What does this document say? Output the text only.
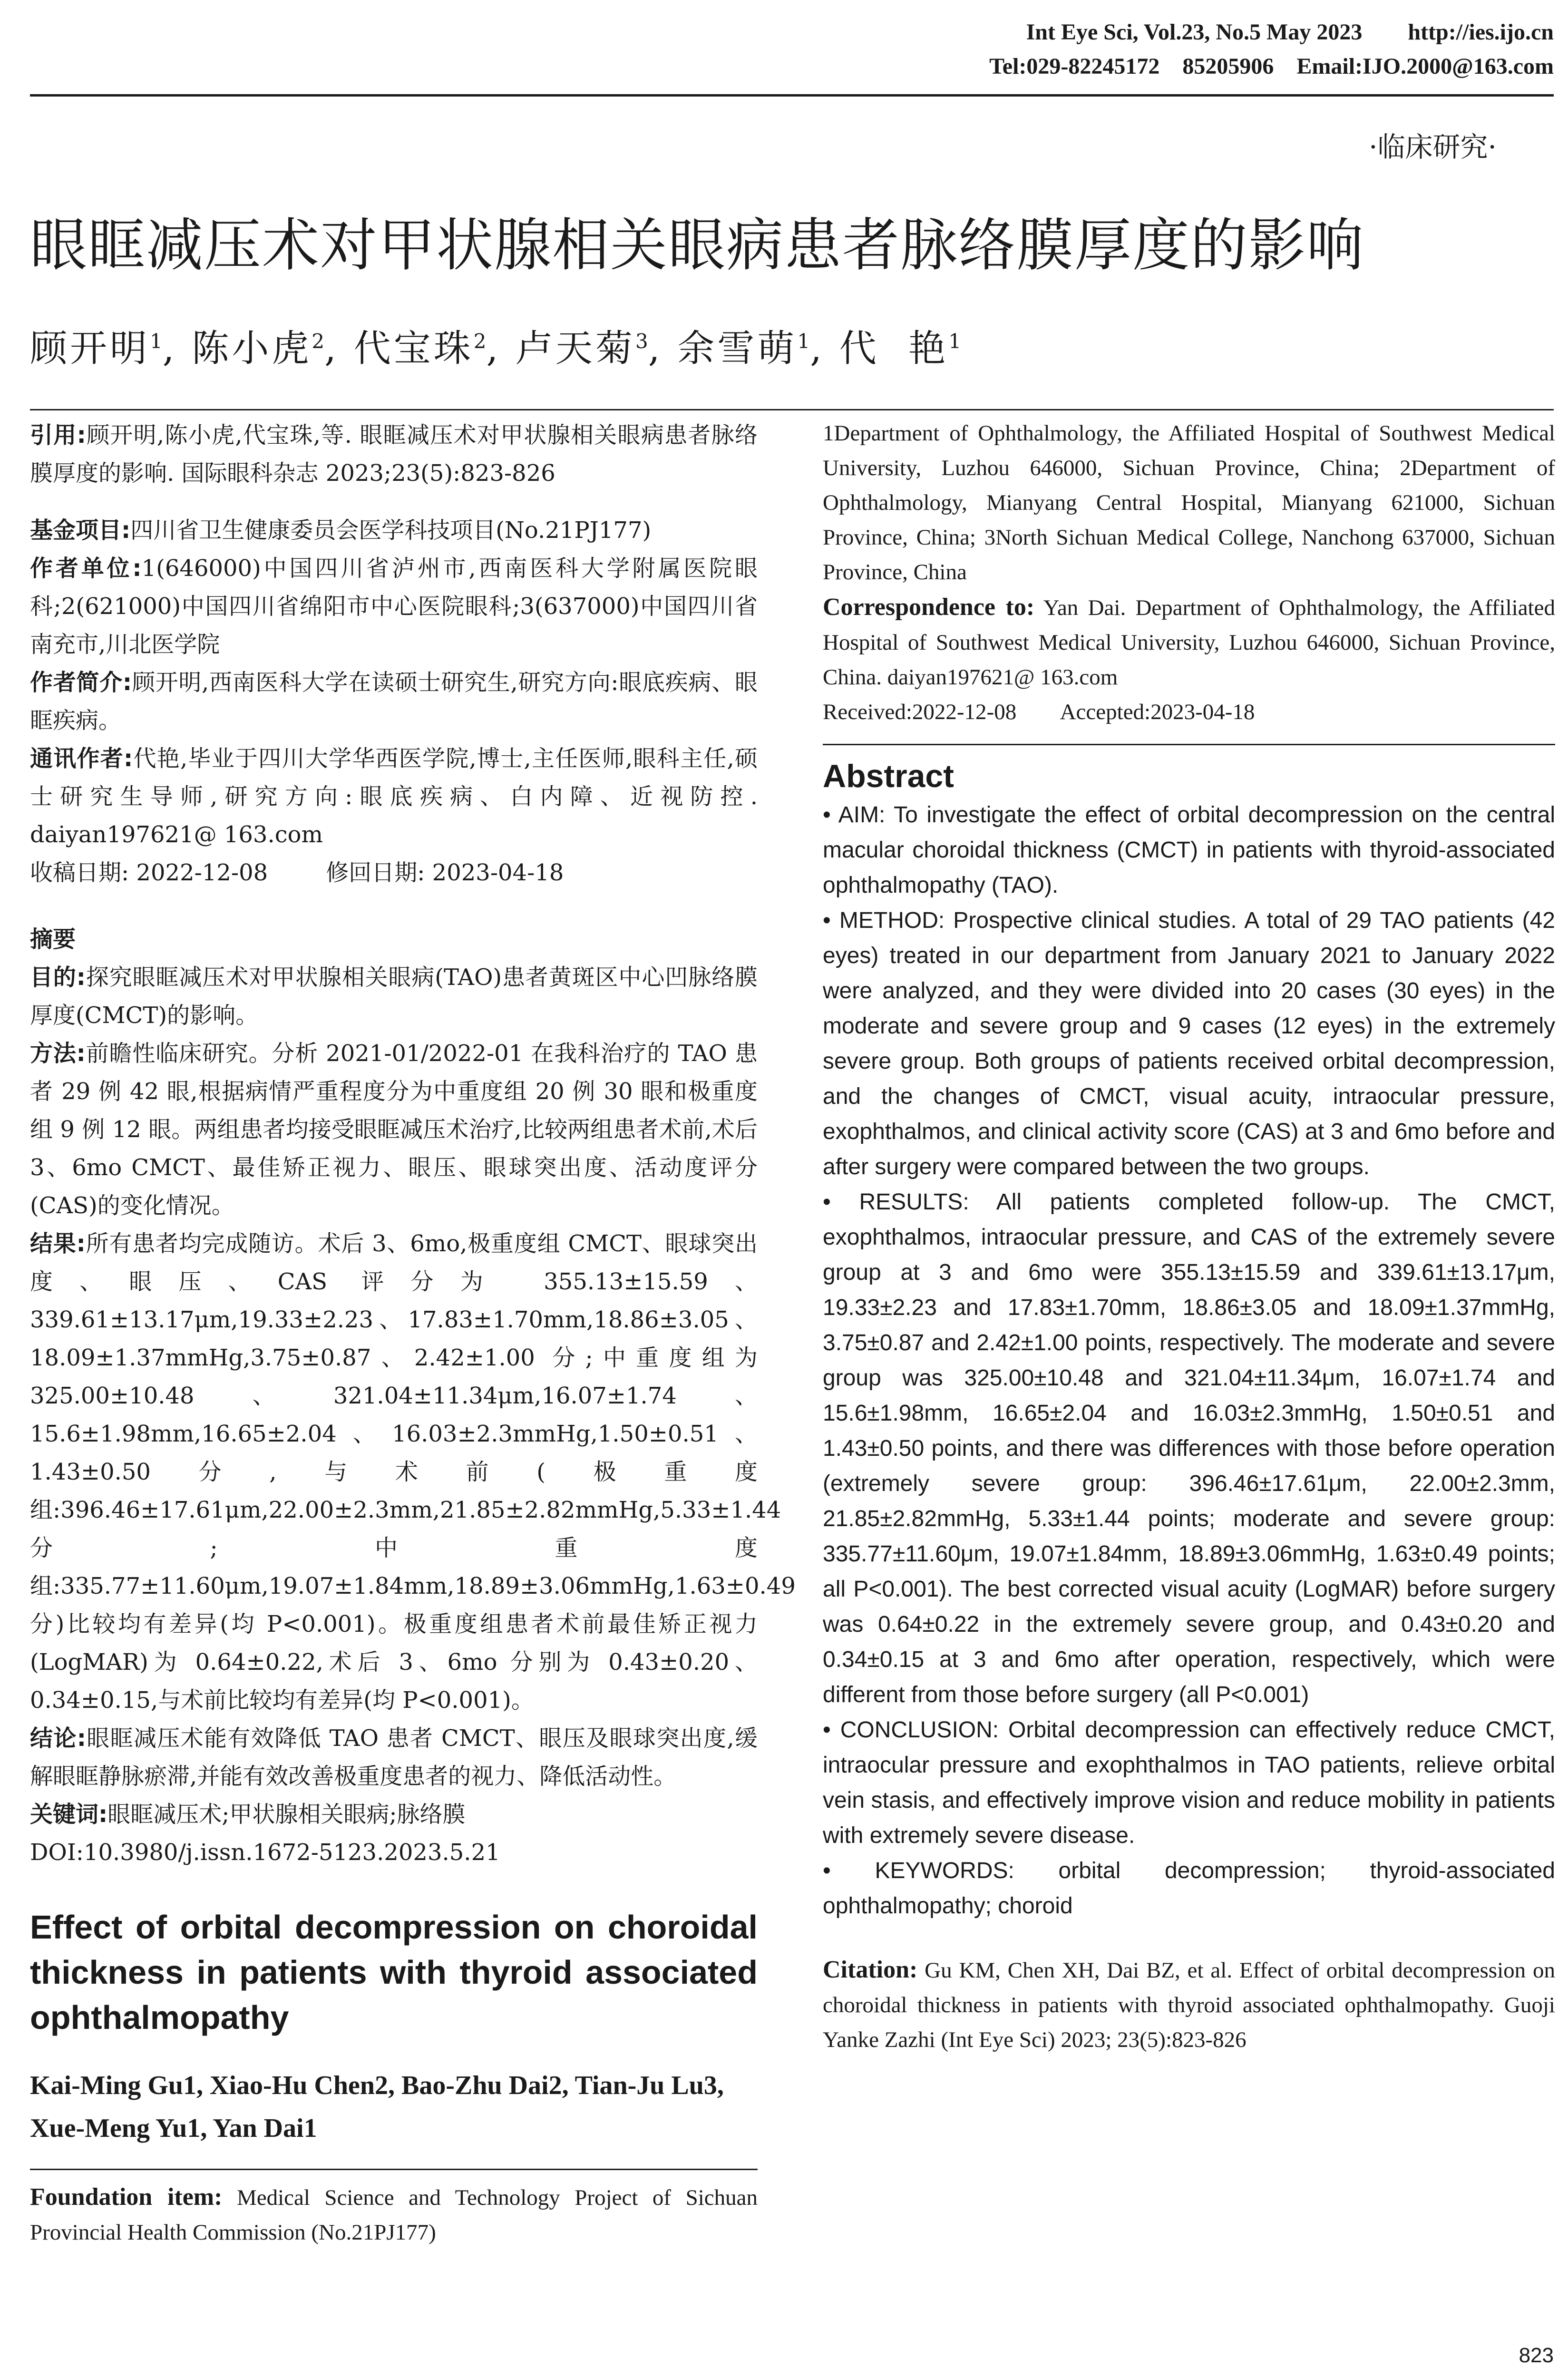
Int Eye Sci, Vol.23, No.5 May 2023        http://ies.ijo.cn
Tel:029-82245172    85205906    Email:IJO.2000@163.com
·临床研究·
眼眶减压术对甲状腺相关眼病患者脉络膜厚度的影响
顾开明$^1$, 陈小虎$^2$, 代宝珠$^2$, 卢天菊$^3$, 余雪萌$^1$, 代  艳$^1$

引用:顾开明,陈小虎,代宝珠,等. 眼眶减压术对甲状腺相关眼病患者脉络膜厚度的影响. 国际眼科杂志 2023;23(5):823-826

基金项目:四川省卫生健康委员会医学科技项目(No.21PJ177)

作者单位:1(646000)中国四川省泸州市,西南医科大学附属医院眼科;2(621000)中国四川省绵阳市中心医院眼科;3(637000)中国四川省南充市,川北医学院

作者简介:顾开明,西南医科大学在读硕士研究生,研究方向:眼底疾病、眼眶疾病。

通讯作者:代艳,毕业于四川大学华西医学院,博士,主任医师,眼科主任,硕士研究生导师,研究方向:眼底疾病、白内障、近视防控. daiyan197621@ 163.com

收稿日期: 2022-12-08        修回日期: 2023-04-18

摘要

目的:探究眼眶减压术对甲状腺相关眼病(TAO)患者黄斑区中心凹脉络膜厚度(CMCT)的影响。

方法:前瞻性临床研究。分析 2021-01/2022-01 在我科治疗的 TAO 患者 29 例 42 眼,根据病情严重程度分为中重度组 20 例 30 眼和极重度组 9 例 12 眼。两组患者均接受眼眶减压术治疗,比较两组患者术前,术后 3、6mo CMCT、最佳矫正视力、眼压、眼球突出度、活动度评分(CAS)的变化情况。

结果:所有患者均完成随访。术后 3、6mo,极重度组 CMCT、眼球突出度、眼压、CAS 评分为 355.13±15.59、339.61±13.17μm,19.33±2.23、17.83±1.70mm,18.86±3.05、18.09±1.37mmHg,3.75±0.87、2.42±1.00 分;中重度组为 325.00±10.48、321.04±11.34μm,16.07±1.74、15.6±1.98mm,16.65±2.04、16.03±2.3mmHg,1.50±0.51、1.43±0.50分,与术前(极重度组:396.46±17.61μm,22.00±2.3mm,21.85±2.82mmHg,5.33±1.44 分;中重度组:335.77±11.60μm,19.07±1.84mm,18.89±3.06mmHg,1.63±0.49 分)比较均有差异(均 P<0.001)。极重度组患者术前最佳矫正视力(LogMAR)为 0.64±0.22,术后 3、6mo 分别为 0.43±0.20、0.34±0.15,与术前比较均有差异(均 P<0.001)。

结论:眼眶减压术能有效降低 TAO 患者 CMCT、眼压及眼球突出度,缓解眼眶静脉瘀滞,并能有效改善极重度患者的视力、降低活动性。

关键词:眼眶减压术;甲状腺相关眼病;脉络膜

DOI:10.3980/j.issn.1672-5123.2023.5.21

Effect of orbital decompression on choroidal thickness in patients with thyroid associated ophthalmopathy

Kai-Ming Gu1, Xiao-Hu Chen2, Bao-Zhu Dai2, Tian-Ju Lu3, Xue-Meng Yu1, Yan Dai1

Foundation item: Medical Science and Technology Project of Sichuan Provincial Health Commission (No.21PJ177)

1Department of Ophthalmology, the Affiliated Hospital of Southwest Medical University, Luzhou 646000, Sichuan Province, China; 2Department of Ophthalmology, Mianyang Central Hospital, Mianyang 621000, Sichuan Province, China; 3North Sichuan Medical College, Nanchong 637000, Sichuan Province, China

Correspondence to: Yan Dai. Department of Ophthalmology, the Affiliated Hospital of Southwest Medical University, Luzhou 646000, Sichuan Province, China. daiyan197621@ 163.com

Received:2022-12-08        Accepted:2023-04-18

Abstract

• AIM: To investigate the effect of orbital decompression on the central macular choroidal thickness (CMCT) in patients with thyroid-associated ophthalmopathy (TAO).

• METHOD: Prospective clinical studies. A total of 29 TAO patients (42 eyes) treated in our department from January 2021 to January 2022 were analyzed, and they were divided into 20 cases (30 eyes) in the moderate and severe group and 9 cases (12 eyes) in the extremely severe group. Both groups of patients received orbital decompression, and the changes of CMCT, visual acuity, intraocular pressure, exophthalmos, and clinical activity score (CAS) at 3 and 6mo before and after surgery were compared between the two groups.

• RESULTS: All patients completed follow-up. The CMCT, exophthalmos, intraocular pressure, and CAS of the extremely severe group at 3 and 6mo were 355.13±15.59 and 339.61±13.17μm, 19.33±2.23 and 17.83±1.70mm, 18.86±3.05 and 18.09±1.37mmHg, 3.75±0.87 and 2.42±1.00 points, respectively. The moderate and severe group was 325.00±10.48 and 321.04±11.34μm, 16.07±1.74 and 15.6±1.98mm, 16.65±2.04 and 16.03±2.3mmHg, 1.50±0.51 and 1.43±0.50 points, and there was differences with those before operation (extremely severe group: 396.46±17.61μm, 22.00±2.3mm, 21.85±2.82mmHg, 5.33±1.44 points; moderate and severe group: 335.77±11.60μm, 19.07±1.84mm, 18.89±3.06mmHg, 1.63±0.49 points; all P<0.001). The best corrected visual acuity (LogMAR) before surgery was 0.64±0.22 in the extremely severe group, and 0.43±0.20 and 0.34±0.15 at 3 and 6mo after operation, respectively, which were different from those before surgery (all P<0.001)

• CONCLUSION: Orbital decompression can effectively reduce CMCT, intraocular pressure and exophthalmos in TAO patients, relieve orbital vein stasis, and effectively improve vision and reduce mobility in patients with extremely severe disease.

• KEYWORDS: orbital decompression; thyroid-associated ophthalmopathy; choroid

Citation: Gu KM, Chen XH, Dai BZ, et al. Effect of orbital decompression on choroidal thickness in patients with thyroid associated ophthalmopathy. Guoji Yanke Zazhi (Int Eye Sci) 2023; 23(5):823-826

823
